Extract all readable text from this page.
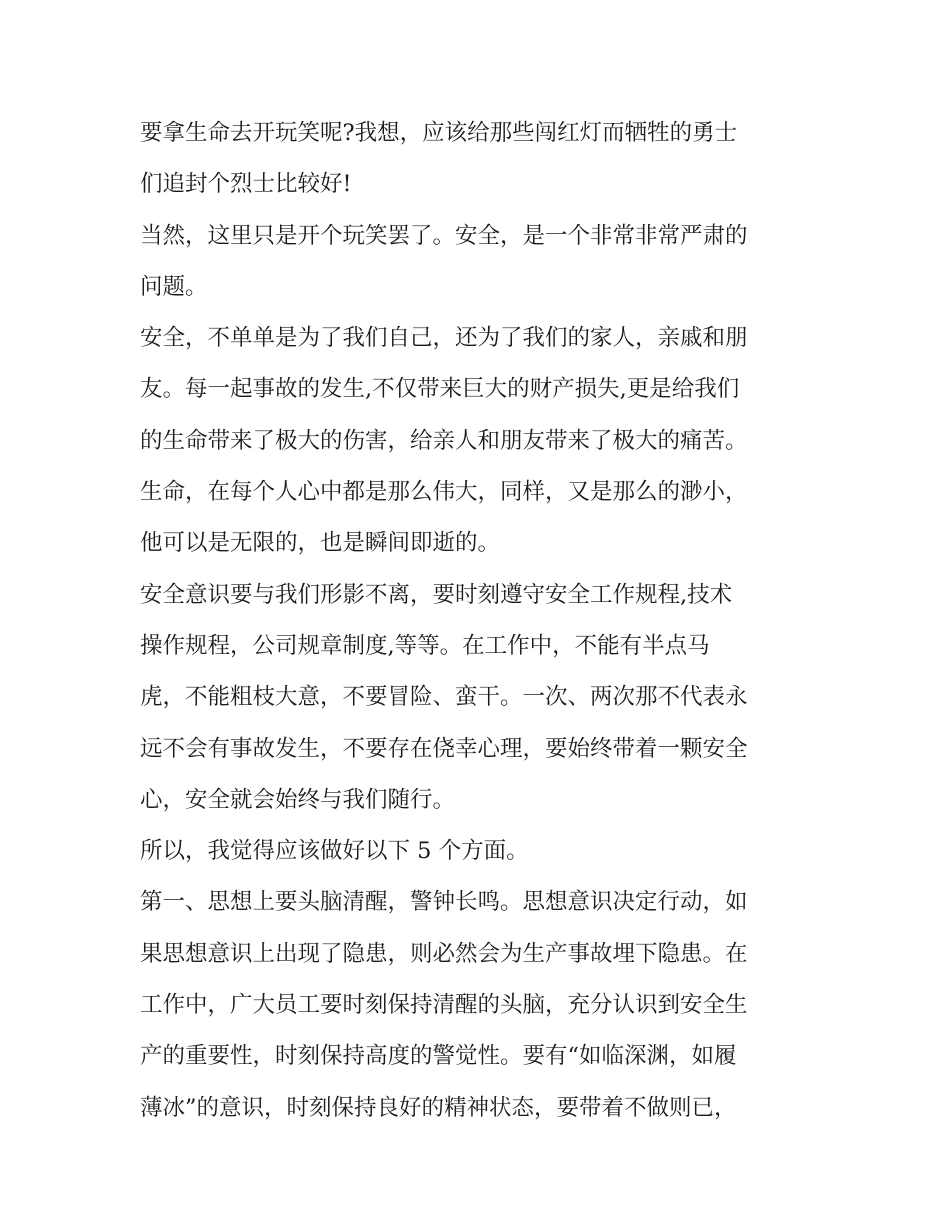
要拿生命去开玩笑呢?我想，应该给那些闯红灯而牺牲的勇士
们追封个烈士比较好!
当然，这里只是开个玩笑罢了。安全，是一个非常非常严肃的
问题。
安全，不单单是为了我们自己，还为了我们的家人，亲戚和朋
友。每一起事故的发生,不仅带来巨大的财产损失,更是给我们
的生命带来了极大的伤害，给亲人和朋友带来了极大的痛苦。
生命，在每个人心中都是那么伟大，同样，又是那么的渺小，
他可以是无限的，也是瞬间即逝的。
安全意识要与我们形影不离，要时刻遵守安全工作规程,技术
操作规程，公司规章制度,等等。在工作中，不能有半点马
虎，不能粗枝大意，不要冒险、蛮干。一次、两次那不代表永
远不会有事故发生，不要存在侥幸心理，要始终带着一颗安全
心，安全就会始终与我们随行。
所以，我觉得应该做好以下 5 个方面。
第一、思想上要头脑清醒，警钟长鸣。思想意识决定行动，如
果思想意识上出现了隐患，则必然会为生产事故埋下隐患。在
工作中，广大员工要时刻保持清醒的头脑，充分认识到安全生
产的重要性，时刻保持高度的警觉性。要有“如临深渊，如履
薄冰”的意识，时刻保持良好的精神状态，要带着不做则已，
